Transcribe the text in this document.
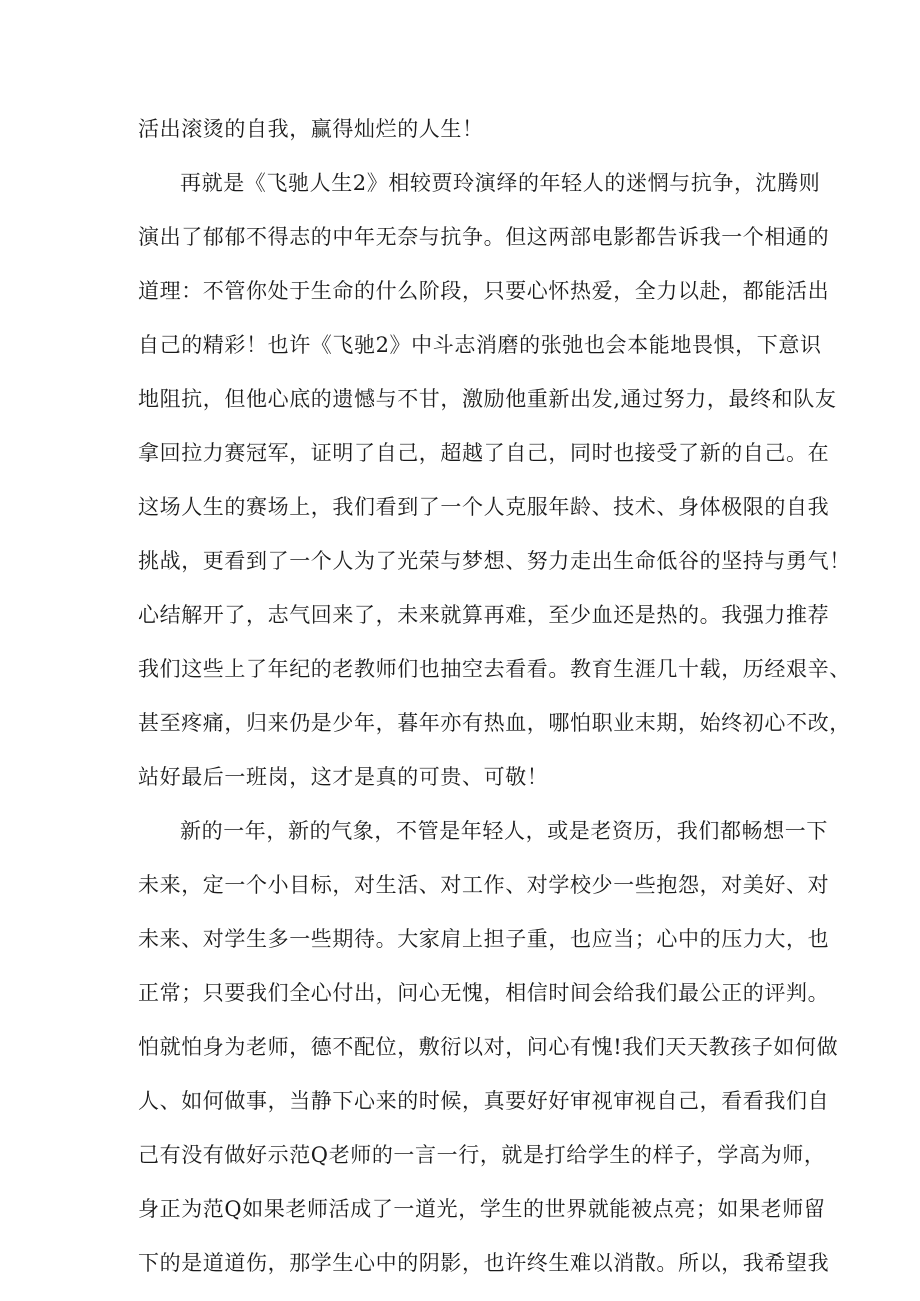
活出滚烫的自我，赢得灿烂的人生！
再就是《飞驰人生2》相较贾玲演绎的年轻人的迷惘与抗争，沈腾则
演出了郁郁不得志的中年无奈与抗争。但这两部电影都告诉我一个相通的
道理：不管你处于生命的什么阶段，只要心怀热爱，全力以赴，都能活出
自己的精彩！也许《飞驰2》中斗志消磨的张弛也会本能地畏惧，下意识
地阻抗，但他心底的遗憾与不甘，激励他重新出发,通过努力，最终和队友
拿回拉力赛冠军，证明了自己，超越了自己，同时也接受了新的自己。在
这场人生的赛场上，我们看到了一个人克服年龄、技术、身体极限的自我
挑战，更看到了一个人为了光荣与梦想、努力走出生命低谷的坚持与勇气！
心结解开了，志气回来了，未来就算再难，至少血还是热的。我强力推荐
我们这些上了年纪的老教师们也抽空去看看。教育生涯几十载，历经艰辛、
甚至疼痛，归来仍是少年，暮年亦有热血，哪怕职业末期，始终初心不改，
站好最后一班岗，这才是真的可贵、可敬！
新的一年，新的气象，不管是年轻人，或是老资历，我们都畅想一下
未来，定一个小目标，对生活、对工作、对学校少一些抱怨，对美好、对
未来、对学生多一些期待。大家肩上担子重，也应当；心中的压力大，也
正常；只要我们全心付出，问心无愧，相信时间会给我们最公正的评判。
怕就怕身为老师，德不配位，敷衍以对，问心有愧!我们天天教孩子如何做
人、如何做事，当静下心来的时候，真要好好审视审视自己，看看我们自
己有没有做好示范Q老师的一言一行，就是打给学生的样子，学高为师，
身正为范Q如果老师活成了一道光，学生的世界就能被点亮；如果老师留
下的是道道伤，那学生心中的阴影，也许终生难以消散。所以，我希望我
